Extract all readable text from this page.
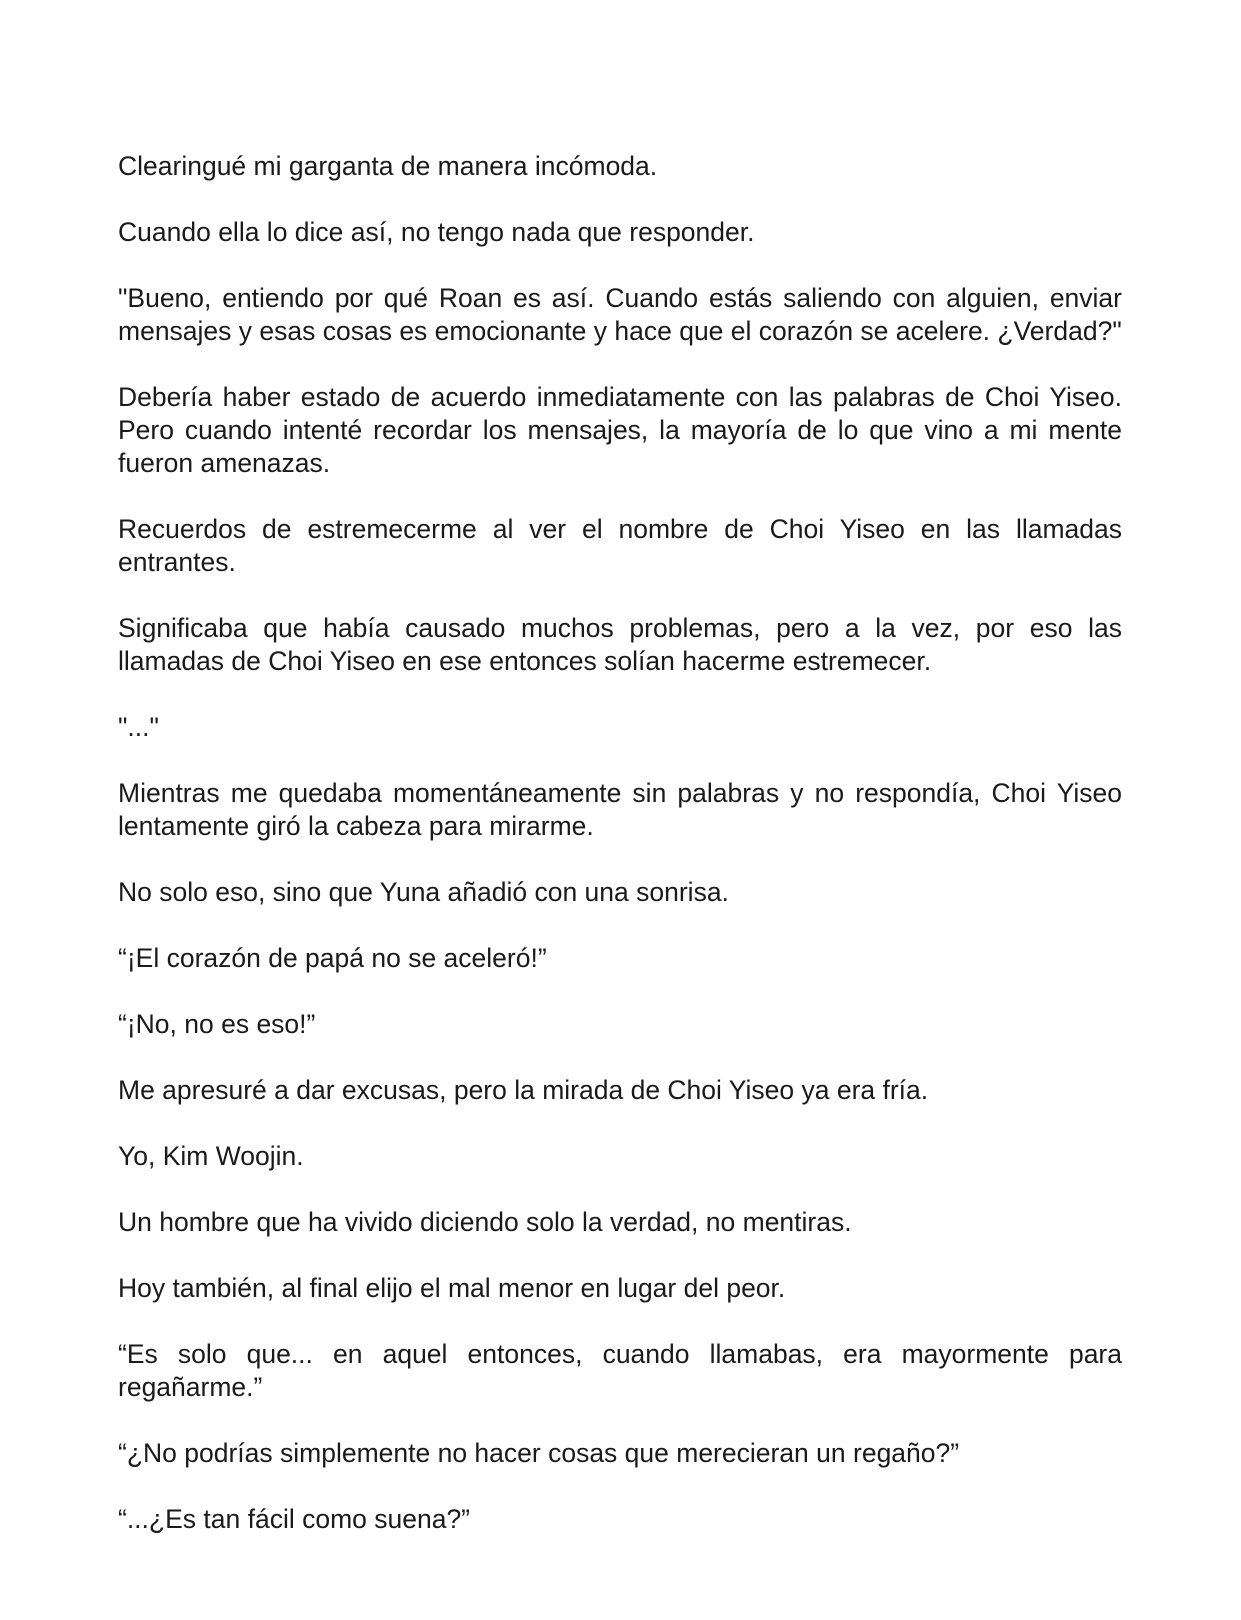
Clearingué mi garganta de manera incómoda.

Cuando ella lo dice así, no tengo nada que responder.

"Bueno, entiendo por qué Roan es así. Cuando estás saliendo con alguien, enviar mensajes y esas cosas es emocionante y hace que el corazón se acelere. ¿Verdad?"

Debería haber estado de acuerdo inmediatamente con las palabras de Choi Yiseo. Pero cuando intenté recordar los mensajes, la mayoría de lo que vino a mi mente fueron amenazas.

Recuerdos de estremecerme al ver el nombre de Choi Yiseo en las llamadas entrantes.

Significaba que había causado muchos problemas, pero a la vez, por eso las llamadas de Choi Yiseo en ese entonces solían hacerme estremecer.

"..."

Mientras me quedaba momentáneamente sin palabras y no respondía, Choi Yiseo lentamente giró la cabeza para mirarme.

No solo eso, sino que Yuna añadió con una sonrisa.

“¡El corazón de papá no se aceleró!”

“¡No, no es eso!”

Me apresuré a dar excusas, pero la mirada de Choi Yiseo ya era fría.

Yo, Kim Woojin.

Un hombre que ha vivido diciendo solo la verdad, no mentiras.

Hoy también, al final elijo el mal menor en lugar del peor.

“Es solo que... en aquel entonces, cuando llamabas, era mayormente para regañarme.”

“¿No podrías simplemente no hacer cosas que merecieran un regaño?”

“...¿Es tan fácil como suena?”
